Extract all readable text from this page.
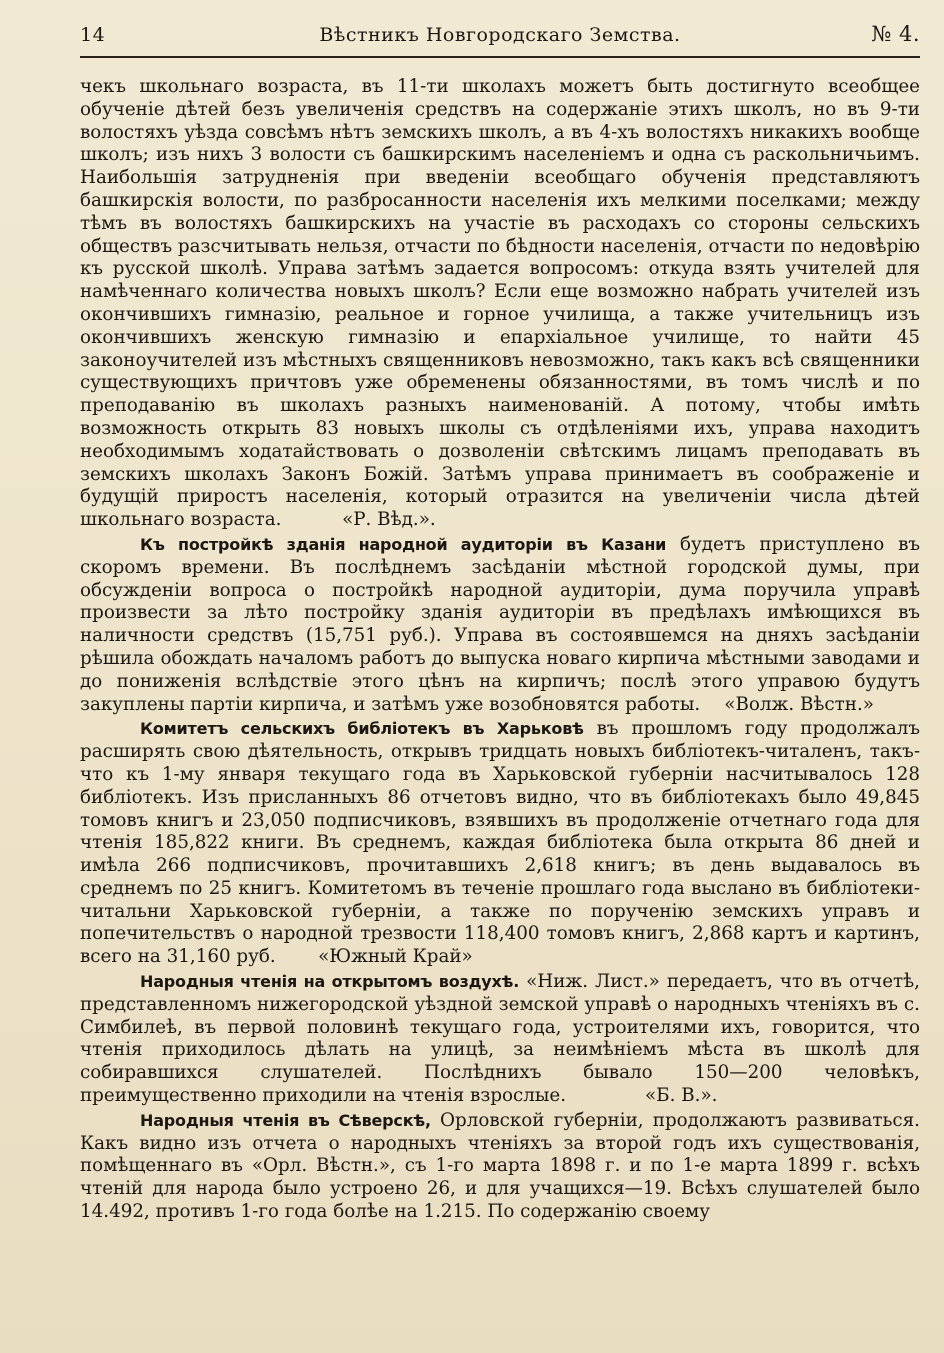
14	Вѣстникъ Новгородскаго Земства.	№ 4.

чекъ школьнаго возраста, въ 11-ти школахъ можетъ быть достигнуто всеобщее обученіе дѣтей безъ увеличенія средствъ на содержаніе этихъ школъ, но въ 9-ти волостяхъ уѣзда совсѣмъ нѣтъ земскихъ школъ, а въ 4-хъ волостяхъ никакихъ вообще школъ; изъ нихъ 3 волости съ башкирскимъ населеніемъ и одна съ раскольничьимъ. Наибольшія затрудненія при введеніи всеобщаго обученія представляютъ башкирскія волости, по разбросанности населенія ихъ мелкими поселками; между тѣмъ въ волостяхъ башкирскихъ на участіе въ расходахъ со стороны сельскихъ обществъ разсчитывать нельзя, отчасти по бѣдности населенія, отчасти по недовѣрію къ русской школѣ. Управа затѣмъ задается вопросомъ: откуда взять учителей для намѣченнаго количества новыхъ школъ? Если еще возможно набрать учителей изъ окончившихъ гимназію, реальное и горное училища, а также учительницъ изъ окончившихъ женскую гимназію и епархіальное училище, то найти 45 законоучителей изъ мѣстныхъ священниковъ невозможно, такъ какъ всѣ священники существующихъ причтовъ уже обременены обязанностями, въ томъ числѣ и по преподаванію въ школахъ разныхъ наименованій. А потому, чтобы имѣть возможность открыть 83 новыхъ школы съ отдѣленіями ихъ, управа находитъ необходимымъ ходатайствовать о дозволеніи свѣтскимъ лицамъ преподавать въ земскихъ школахъ Законъ Божій. Затѣмъ управа принимаетъ въ соображеніе и будущій приростъ населенія, который отразится на увеличеніи числа дѣтей школьнаго возраста.    	«Р. Вѣд.».

Къ постройкѣ зданія народной аудиторіи въ Казани будетъ приступлено въ скоромъ времени. Въ послѣднемъ засѣданіи мѣстной городской думы, при обсужденіи вопроса о постройкѣ народной аудиторіи, дума поручила управѣ произвести за лѣто постройку зданія аудиторіи въ предѣлахъ имѣющихся въ наличности средствъ (15,751 руб.). Управа въ состоявшемся на дняхъ засѣданіи рѣшила обождать началомъ работъ до выпуска новаго кирпича мѣстными заводами и до пониженія вслѣдствіе этого цѣнъ на кирпичъ; послѣ этого управою будутъ закуплены партіи кирпича, и затѣмъ уже возобновятся работы.   «Волж. Вѣстн.»

Комитетъ сельскихъ библіотекъ въ Харьковѣ въ прошломъ году продолжалъ расширять свою дѣятельность, открывъ тридцать новыхъ библіотекъ-читаленъ, такъ-что къ 1-му января текущаго года въ Харьковской губерніи насчитывалось 128 библіотекъ. Изъ присланныхъ 86 отчетовъ видно, что въ библіотекахъ было 49,845 томовъ книгъ и 23,050 подписчиковъ, взявшихъ въ продолженіе отчетнаго года для чтенія 185,822 книги. Въ среднемъ, каждая библіотека была открыта 86 дней и имѣла 266 подписчиковъ, прочитавшихъ 2,618 книгъ; въ день выдавалось въ среднемъ по 25 книгъ. Комитетомъ въ теченіе прошлаго года выслано въ библіотеки-читальни Харьковской губерніи, а также по порученію земскихъ управъ и попечительствъ о народной трезвости 118,400 томовъ книгъ, 2,868 картъ и картинъ, всего на 31,160 руб.    «Южный Край»

Народныя чтенія на открытомъ воздухѣ. «Ниж. Лист.» передаетъ, что въ отчетѣ, представленномъ нижегородской уѣздной земской управѣ о народныхъ чтеніяхъ въ с. Симбилеѣ, въ первой половинѣ текущаго года, устроителями ихъ, говорится, что чтенія приходилось дѣлать на улицѣ, за неимѣніемъ мѣста въ школѣ для собиравшихся слушателей. Послѣднихъ бывало 150—200 человѣкъ, преимущественно приходили на чтенія взрослые.     	«Б. В.».

Народныя чтенія въ Сѣверскѣ, Орловской губерніи, продолжаютъ развиваться. Какъ видно изъ отчета о народныхъ чтеніяхъ за второй годъ ихъ существованія, помѣщеннаго въ «Орл. Вѣстн.», съ 1-го марта 1898 г. и по 1-е марта 1899 г. всѣхъ чтеній для народа было устроено 26, и для учащихся—19. Всѣхъ слушателей было 14.492, противъ 1-го года болѣе на 1.215. По содержанію своему
